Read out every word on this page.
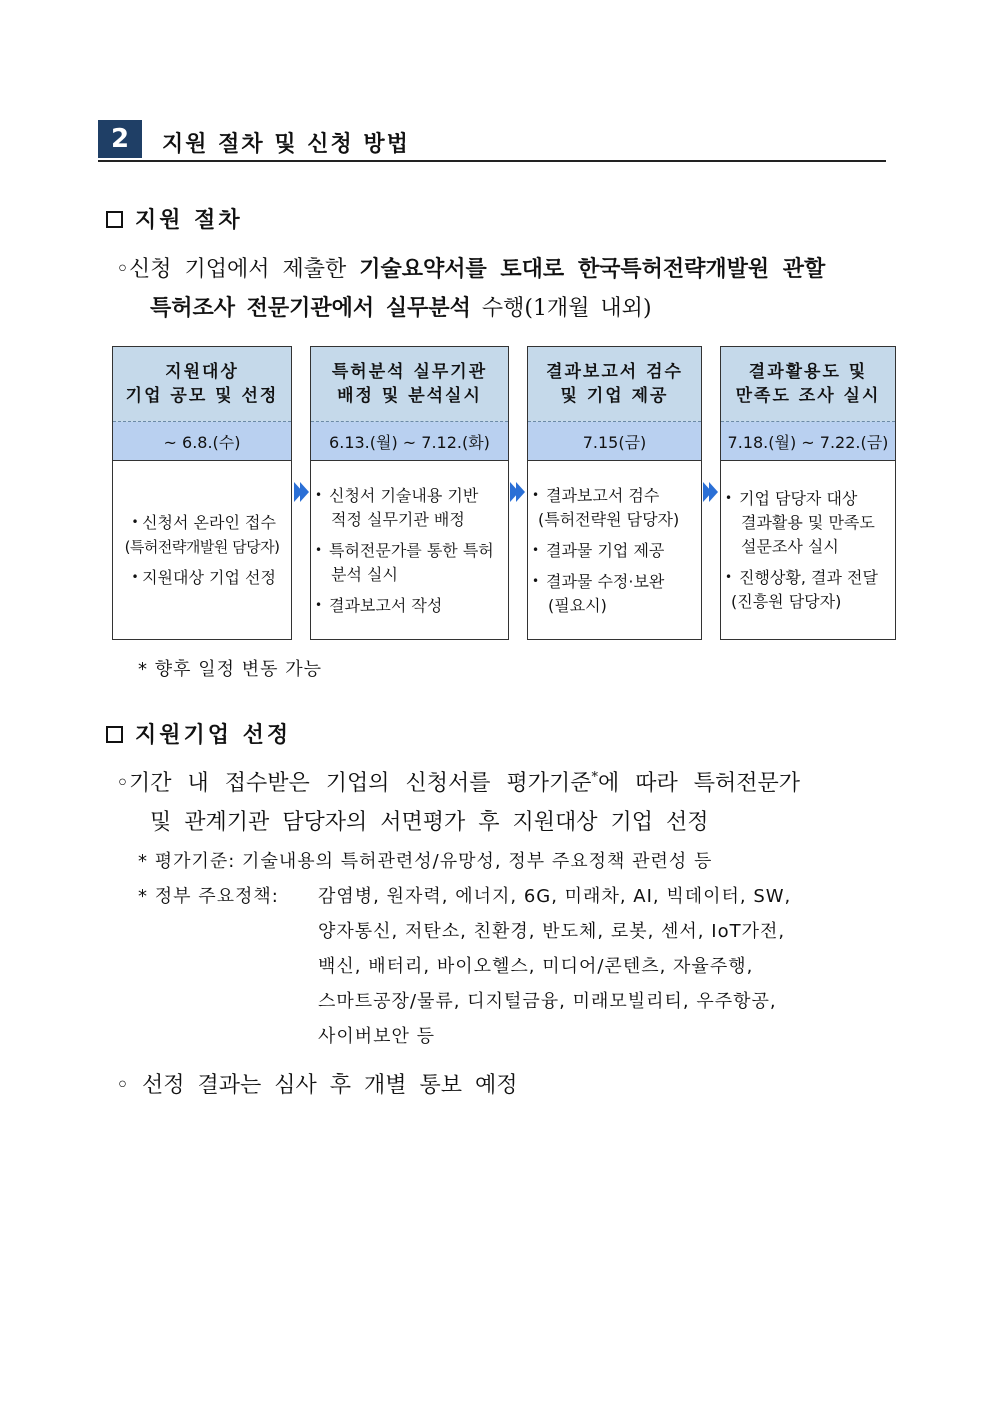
2	지원 절차 및 신청 방법
지원 절차
◦신청 기업에서 제출한 기술요약서를 토대로 한국특허전략개발원 관할
특허조사 전문기관에서 실무분석 수행(1개월 내외)
지원대상
기업 공모 및 선정
~ 6.8.(수)
• 신청서 온라인 접수
(특허전략개발원 담당자)
• 지원대상 기업 선정
특허분석 실무기관
배정 및 분석실시
6.13.(월) ~ 7.12.(화)
• 신청서 기술내용 기반
적정 실무기관 배정
• 특허전문가를 통한 특허
분석 실시
• 결과보고서 작성
결과보고서 검수
및 기업 제공
7.15(금)
• 결과보고서 검수
(특허전략원 담당자)
• 결과물 기업 제공
• 결과물 수정·보완
(필요시)
결과활용도 및
만족도 조사 실시
7.18.(월) ~ 7.22.(금)
• 기업 담당자 대상
결과활용 및 만족도
설문조사 실시
• 진행상황, 결과 전달
(진흥원 담당자)
* 향후 일정 변동 가능
지원기업 선정
◦기간 내 접수받은 기업의 신청서를 평가기준*에 따라 특허전문가
및 관계기관 담당자의 서면평가 후 지원대상 기업 선정
* 평가기준: 기술내용의 특허관련성/유망성, 정부 주요정책 관련성 등
* 정부 주요정책: 감염병, 원자력, 에너지, 6G, 미래차, AI, 빅데이터, SW,
양자통신, 저탄소, 친환경, 반도체, 로봇, 센서, IoT가전,
백신, 배터리, 바이오헬스, 미디어/콘텐츠, 자율주행,
스마트공장/물류, 디지털금융, 미래모빌리티, 우주항공,
사이버보안 등
◦ 선정 결과는 심사 후 개별 통보 예정
